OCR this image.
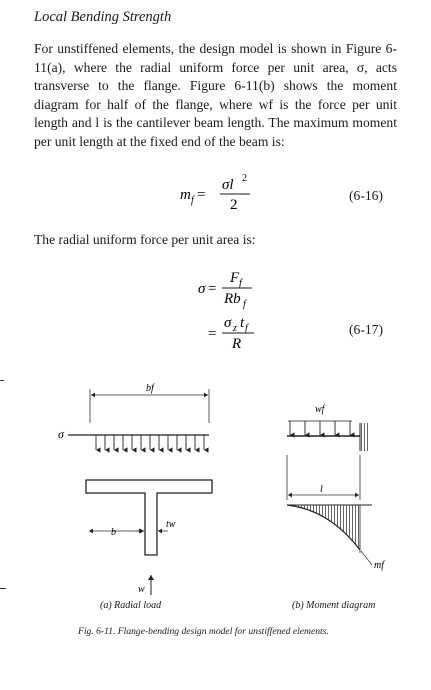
Local Bending Strength

For unstiffened elements, the design model is shown in Figure 6-11(a), where the radial uniform force per unit area, σ, acts transverse to the flange. Figure 6-11(b) shows the moment diagram for half of the flange, where wf is the force per unit length and l is the cantilever beam length. The maximum moment per unit length at the fixed end of the beam is:

m f =
σl 2
2
(6-16)

The radial uniform force per unit area is:

σ =
F f
Rb f
=
σ z t f
R
(6-17)
bf
σ
b
tw
w
wf
l
mf
(a) Radial load	(b) Moment diagram
Fig. 6-11. Flange-bending design model for unstiffened elements.
